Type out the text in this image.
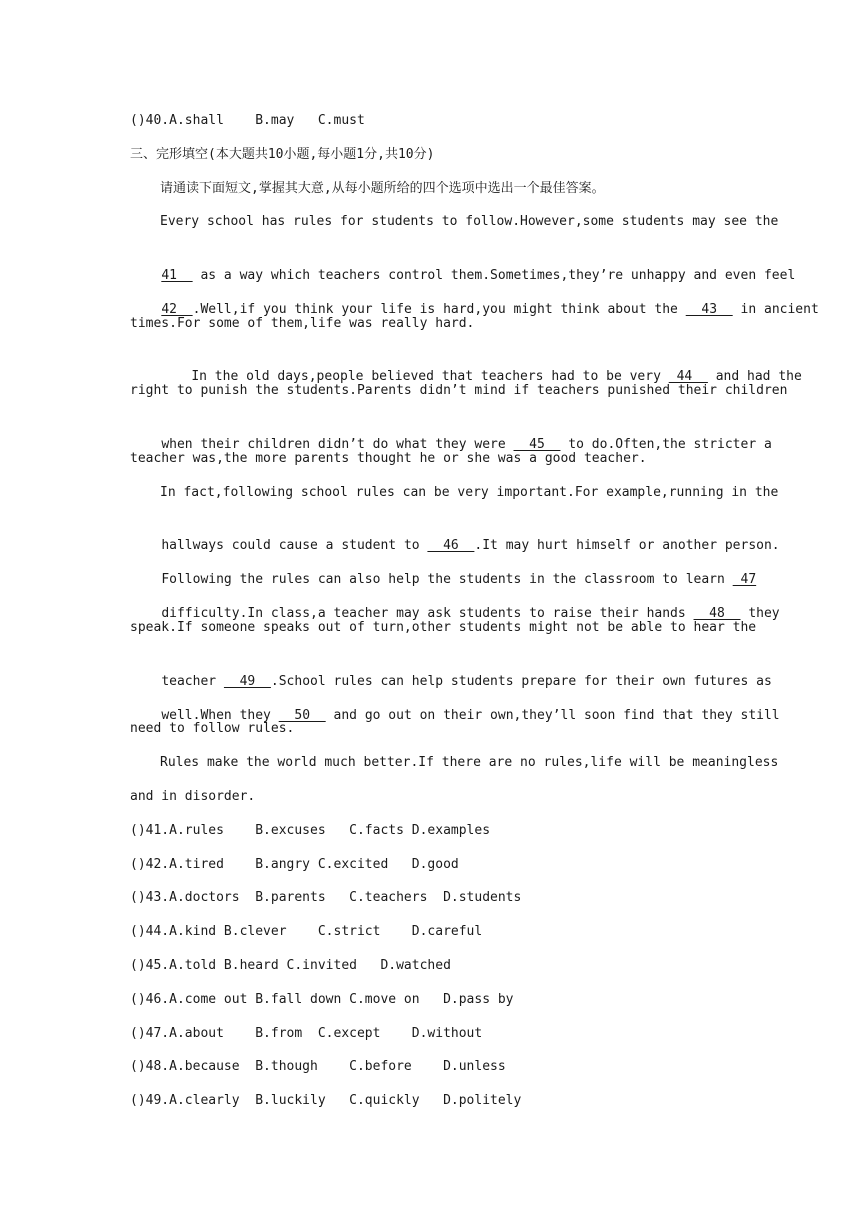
()40.A.shall    B.may   C.must
三、完形填空(本大题共10小题,每小题1分,共10分)
请通读下面短文,掌握其大意,从每小题所给的四个选项中选出一个最佳答案。
Every school has rules for students to follow.However,some students may see the

41   as a way which teachers control them.Sometimes,they’re unhappy and even feel

42  .Well,if you think your life is hard,you might think about the   43   in ancient

times.For some of them,life was really hard.

In the old days,people believed that teachers had to be very  44   and had the

right to punish the students.Parents didn’t mind if teachers punished their children

when their children didn’t do what they were   45   to do.Often,the stricter a

teacher was,the more parents thought he or she was a good teacher.
In fact,following school rules can be very important.For example,running in the

hallways could cause a student to   46  .It may hurt himself or another person.

Following the rules can also help the students in the classroom to learn  47

difficulty.In class,a teacher may ask students to raise their hands   48   they

speak.If someone speaks out of turn,other students might not be able to hear the

teacher   49  .School rules can help students prepare for their own futures as

well.When they   50   and go out on their own,they’ll soon find that they still

need to follow rules.
Rules make the world much better.If there are no rules,life will be meaningless
and in disorder.
()41.A.rules    B.excuses   C.facts D.examples
()42.A.tired    B.angry C.excited   D.good
()43.A.doctors  B.parents   C.teachers  D.students
()44.A.kind B.clever    C.strict    D.careful
()45.A.told B.heard C.invited   D.watched
()46.A.come out B.fall down C.move on   D.pass by
()47.A.about    B.from  C.except    D.without
()48.A.because  B.though    C.before    D.unless
()49.A.clearly  B.luckily   C.quickly   D.politely
